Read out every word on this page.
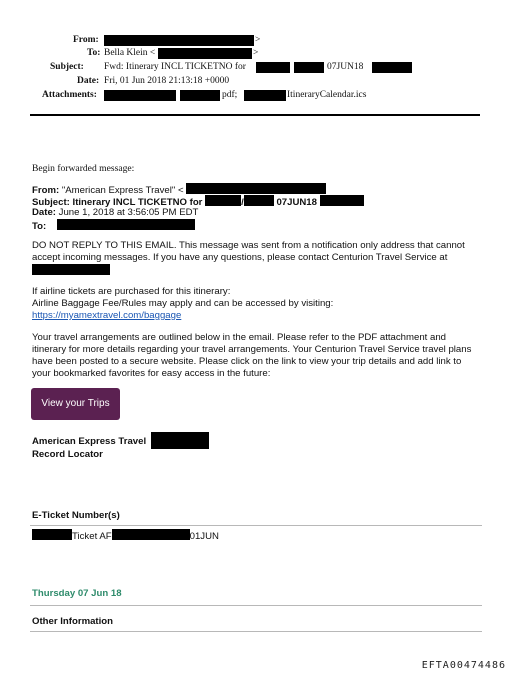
From:	>
To: Bella Klein <	>
Subject: Fwd: Itinerary INCL TICKETNO for	07JUN18
Date: Fri, 01 Jun 2018 21:13:18 +0000
Attachments:	pdf;	ItineraryCalendar.ics

Begin forwarded message:

From: "American Express Travel" <
Subject: Itinerary INCL TICKETNO for	/	07JUN18
Date: June 1, 2018 at 3:56:05 PM EDT
To:

DO NOT REPLY TO THIS EMAIL. This message was sent from a notification only address that cannot accept incoming messages. If you have any questions, please contact Centurion Travel Service at

If airline tickets are purchased for this itinerary:
Airline Baggage Fee/Rules may apply and can be accessed by visiting:
https://myamextravel.com/baggage

Your travel arrangements are outlined below in the email. Please refer to the PDF attachment and itinerary for more details regarding your travel arrangements. Your Centurion Travel Service travel plans have been posted to a secure website. Please click on the link to view your trip details and add link to your bookmarked favorites for easy access in the future:

View your Trips
American Express Travel
Record Locator
E-Ticket Number(s)
Ticket AF	01JUN
Thursday 07 Jun 18
Other Information
EFTA00474486
